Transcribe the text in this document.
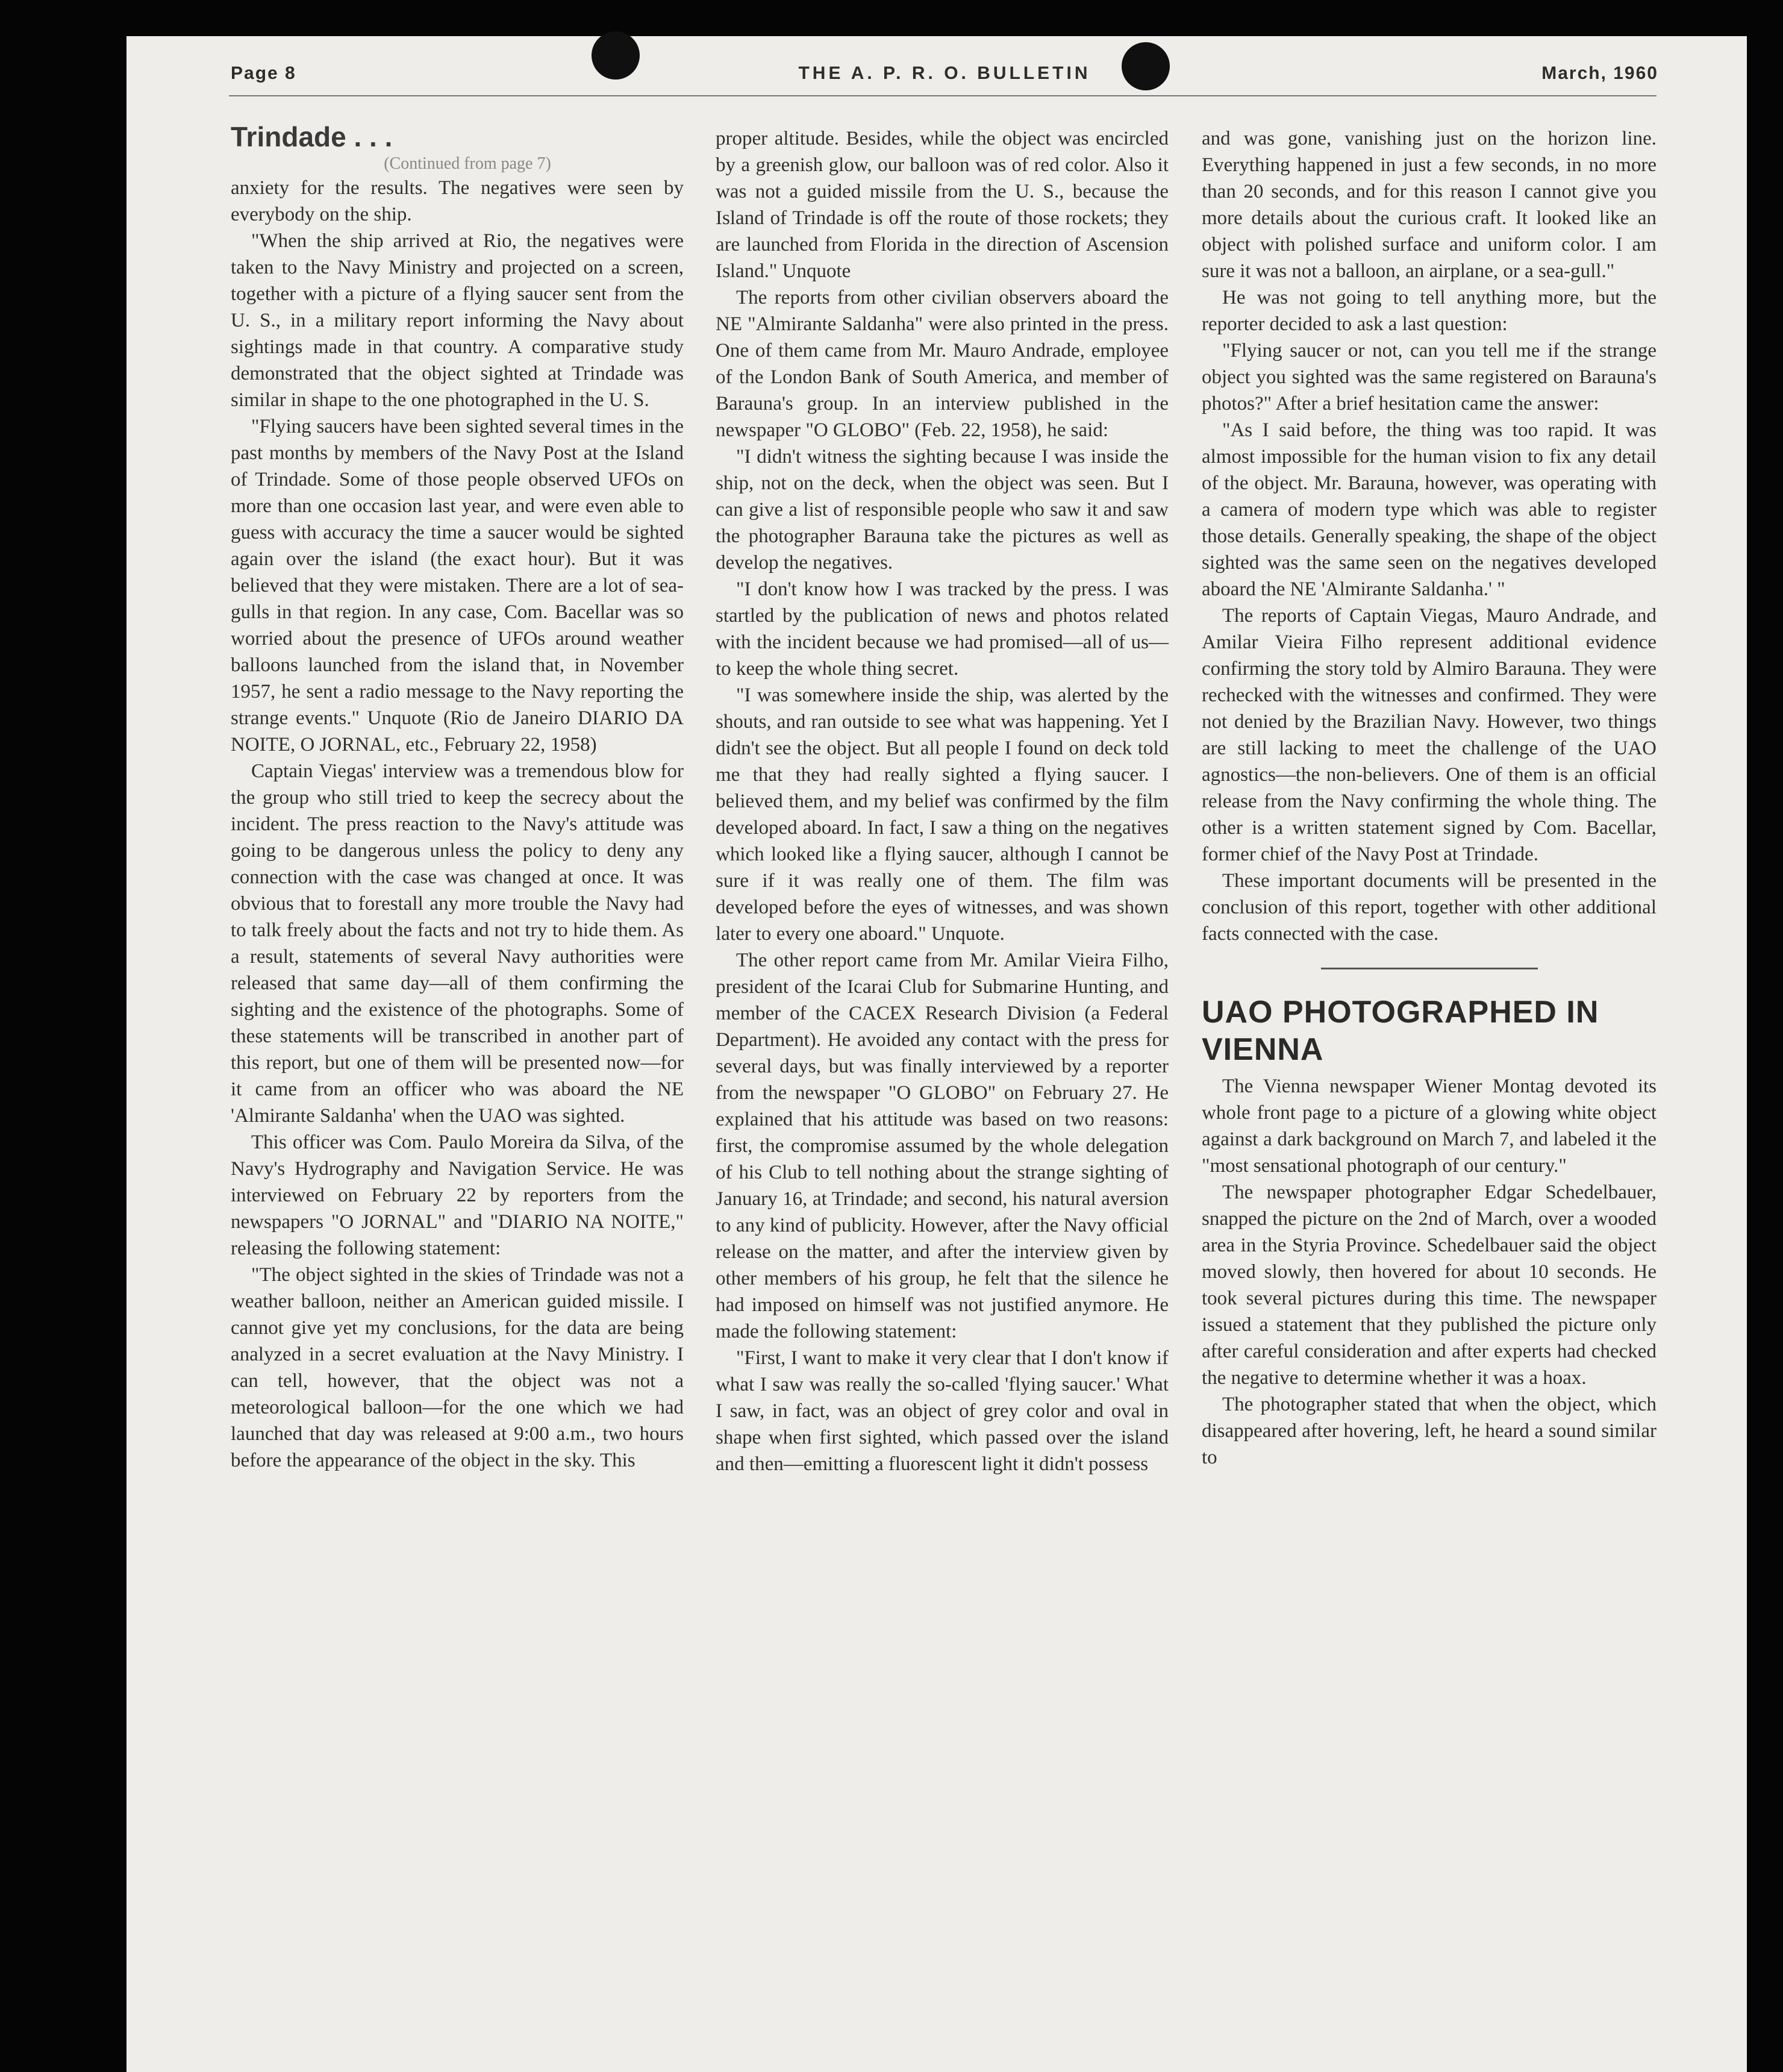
Page 8	THE A. P. R. O. BULLETIN	March, 1960
Trindade . . .

(Continued from page 7)

anxiety for the results. The negatives were seen by everybody on the ship.

"When the ship arrived at Rio, the negatives were taken to the Navy Ministry and projected on a screen, together with a picture of a flying saucer sent from the U. S., in a military report informing the Navy about sightings made in that country. A comparative study demonstrated that the object sighted at Trindade was similar in shape to the one photographed in the U. S.

"Flying saucers have been sighted several times in the past months by members of the Navy Post at the Island of Trindade. Some of those people observed UFOs on more than one occasion last year, and were even able to guess with accuracy the time a saucer would be sighted again over the island (the exact hour). But it was believed that they were mistaken. There are a lot of sea-gulls in that region. In any case, Com. Bacellar was so worried about the presence of UFOs around weather balloons launched from the island that, in November 1957, he sent a radio message to the Navy reporting the strange events." Unquote (Rio de Janeiro DIARIO DA NOITE, O JORNAL, etc., February 22, 1958)

Captain Viegas' interview was a tremendous blow for the group who still tried to keep the secrecy about the incident. The press reaction to the Navy's attitude was going to be dangerous unless the policy to deny any connection with the case was changed at once. It was obvious that to forestall any more trouble the Navy had to talk freely about the facts and not try to hide them. As a result, statements of several Navy authorities were released that same day—all of them confirming the sighting and the existence of the photographs. Some of these statements will be transcribed in another part of this report, but one of them will be presented now—for it came from an officer who was aboard the NE 'Almirante Saldanha' when the UAO was sighted.

This officer was Com. Paulo Moreira da Silva, of the Navy's Hydrography and Navigation Service. He was interviewed on February 22 by reporters from the newspapers "O JORNAL" and "DIARIO NA NOITE," releasing the following statement:

"The object sighted in the skies of Trindade was not a weather balloon, neither an American guided missile. I cannot give yet my conclusions, for the data are being analyzed in a secret evaluation at the Navy Ministry. I can tell, however, that the object was not a meteorological balloon—for the one which we had launched that day was released at 9:00 a.m., two hours before the appearance of the object in the sky. This

proper altitude. Besides, while the object was encircled by a greenish glow, our balloon was of red color. Also it was not a guided missile from the U. S., because the Island of Trindade is off the route of those rockets; they are launched from Florida in the direction of Ascension Island." Unquote

The reports from other civilian observers aboard the NE "Almirante Saldanha" were also printed in the press. One of them came from Mr. Mauro Andrade, employee of the London Bank of South America, and member of Barauna's group. In an interview published in the newspaper "O GLOBO" (Feb. 22, 1958), he said:

"I didn't witness the sighting because I was inside the ship, not on the deck, when the object was seen. But I can give a list of responsible people who saw it and saw the photographer Barauna take the pictures as well as develop the negatives.

"I don't know how I was tracked by the press. I was startled by the publication of news and photos related with the incident because we had promised—all of us—to keep the whole thing secret.

"I was somewhere inside the ship, was alerted by the shouts, and ran outside to see what was happening. Yet I didn't see the object. But all people I found on deck told me that they had really sighted a flying saucer. I believed them, and my belief was confirmed by the film developed aboard. In fact, I saw a thing on the negatives which looked like a flying saucer, although I cannot be sure if it was really one of them. The film was developed before the eyes of witnesses, and was shown later to every one aboard." Unquote.

The other report came from Mr. Amilar Vieira Filho, president of the Icarai Club for Submarine Hunting, and member of the CACEX Research Division (a Federal Department). He avoided any contact with the press for several days, but was finally interviewed by a reporter from the newspaper "O GLOBO" on February 27. He explained that his attitude was based on two reasons: first, the compromise assumed by the whole delegation of his Club to tell nothing about the strange sighting of January 16, at Trindade; and second, his natural aversion to any kind of publicity. However, after the Navy official release on the matter, and after the interview given by other members of his group, he felt that the silence he had imposed on himself was not justified anymore. He made the following statement:

"First, I want to make it very clear that I don't know if what I saw was really the so-called 'flying saucer.' What I saw, in fact, was an object of grey color and oval in shape when first sighted, which passed over the island and then—emitting a fluorescent light it didn't possess

and was gone, vanishing just on the horizon line. Everything happened in just a few seconds, in no more than 20 seconds, and for this reason I cannot give you more details about the curious craft. It looked like an object with polished surface and uniform color. I am sure it was not a balloon, an airplane, or a sea-gull."

He was not going to tell anything more, but the reporter decided to ask a last question:

"Flying saucer or not, can you tell me if the strange object you sighted was the same registered on Barauna's photos?" After a brief hesitation came the answer:

"As I said before, the thing was too rapid. It was almost impossible for the human vision to fix any detail of the object. Mr. Barauna, however, was operating with a camera of modern type which was able to register those details. Generally speaking, the shape of the object sighted was the same seen on the negatives developed aboard the NE 'Almirante Saldanha.' "

The reports of Captain Viegas, Mauro Andrade, and Amilar Vieira Filho represent additional evidence confirming the story told by Almiro Barauna. They were rechecked with the witnesses and confirmed. They were not denied by the Brazilian Navy. However, two things are still lacking to meet the challenge of the UAO agnostics—the non-believers. One of them is an official release from the Navy confirming the whole thing. The other is a written statement signed by Com. Bacellar, former chief of the Navy Post at Trindade.

These important documents will be presented in the conclusion of this report, together with other additional facts connected with the case.

UAO PHOTOGRAPHED IN VIENNA

The Vienna newspaper Wiener Montag devoted its whole front page to a picture of a glowing white object against a dark background on March 7, and labeled it the "most sensational photograph of our century."

The newspaper photographer Edgar Schedelbauer, snapped the picture on the 2nd of March, over a wooded area in the Styria Province. Schedelbauer said the object moved slowly, then hovered for about 10 seconds. He took several pictures during this time. The newspaper issued a statement that they published the picture only after careful consideration and after experts had checked the negative to determine whether it was a hoax.

The photographer stated that when the object, which disappeared after hovering, left, he heard a sound similar to
